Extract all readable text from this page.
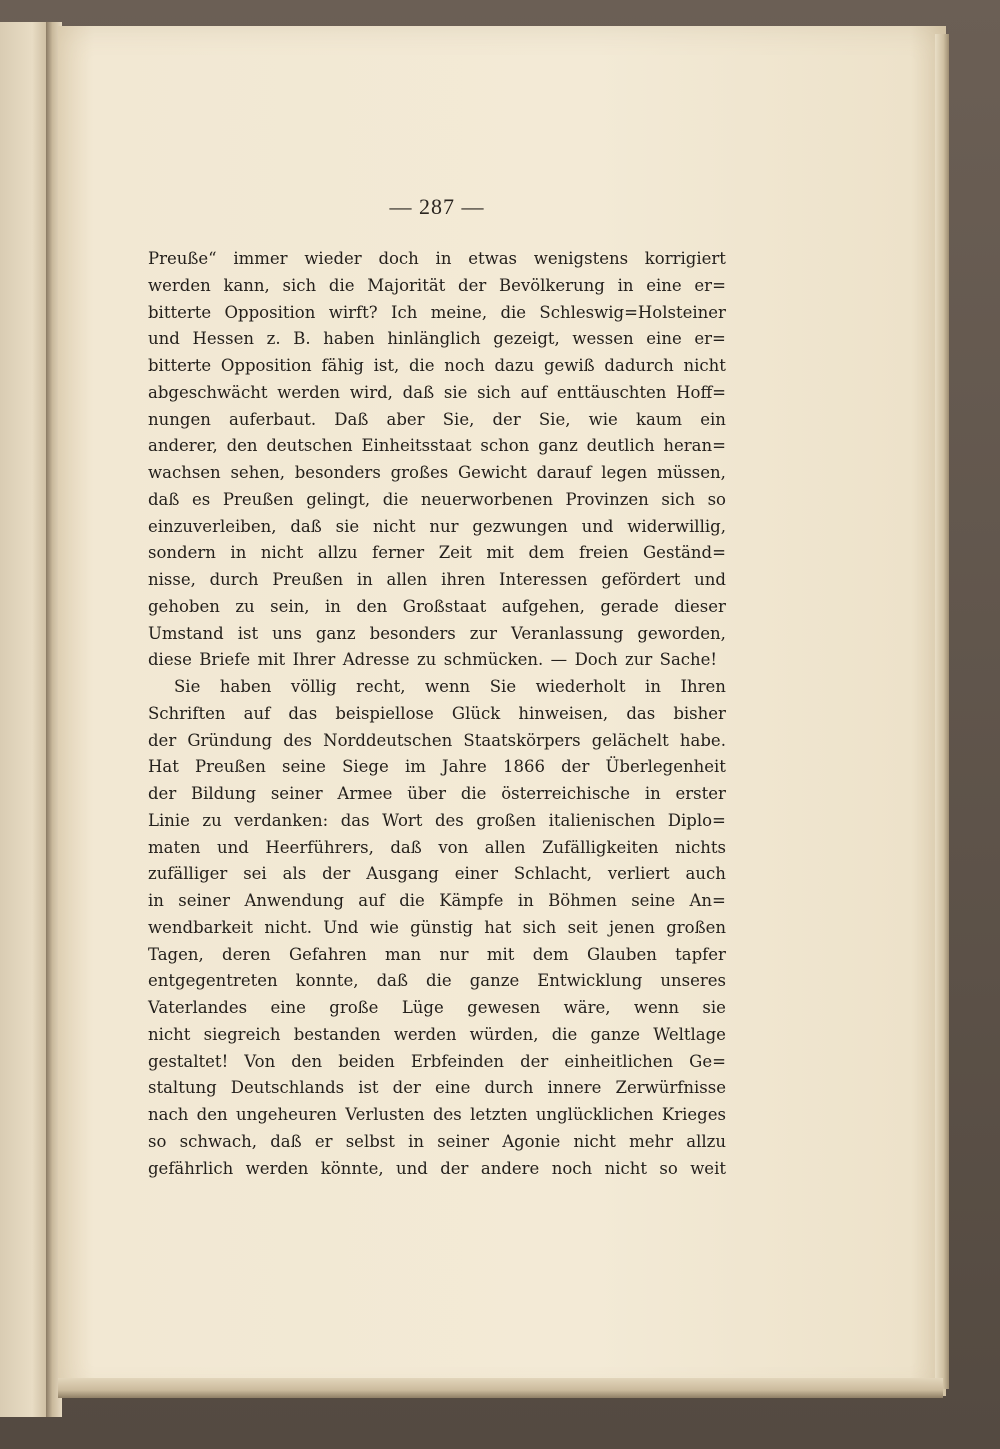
— 287 —
Preuße“ immer wieder doch in etwas wenigstens korrigiert
werden kann, sich die Majorität der Bevölkerung in eine er=
bitterte Opposition wirft? Ich meine, die Schleswig=Holsteiner
und Hessen z. B. haben hinlänglich gezeigt, wessen eine er=
bitterte Opposition fähig ist, die noch dazu gewiß dadurch nicht
abgeschwächt werden wird, daß sie sich auf enttäuschten Hoff=
nungen auferbaut. Daß aber Sie, der Sie, wie kaum ein
anderer, den deutschen Einheitsstaat schon ganz deutlich heran=
wachsen sehen, besonders großes Gewicht darauf legen müssen,
daß es Preußen gelingt, die neuerworbenen Provinzen sich so
einzuverleiben, daß sie nicht nur gezwungen und widerwillig,
sondern in nicht allzu ferner Zeit mit dem freien Geständ=
nisse, durch Preußen in allen ihren Interessen gefördert und
gehoben zu sein, in den Großstaat aufgehen, gerade dieser
Umstand ist uns ganz besonders zur Veranlassung geworden,
diese Briefe mit Ihrer Adresse zu schmücken. — Doch zur Sache!
Sie haben völlig recht, wenn Sie wiederholt in Ihren
Schriften auf das beispiellose Glück hinweisen, das bisher
der Gründung des Norddeutschen Staatskörpers gelächelt habe.
Hat Preußen seine Siege im Jahre 1866 der Überlegenheit
der Bildung seiner Armee über die österreichische in erster
Linie zu verdanken: das Wort des großen italienischen Diplo=
maten und Heerführers, daß von allen Zufälligkeiten nichts
zufälliger sei als der Ausgang einer Schlacht, verliert auch
in seiner Anwendung auf die Kämpfe in Böhmen seine An=
wendbarkeit nicht. Und wie günstig hat sich seit jenen großen
Tagen, deren Gefahren man nur mit dem Glauben tapfer
entgegentreten konnte, daß die ganze Entwicklung unseres
Vaterlandes eine große Lüge gewesen wäre, wenn sie
nicht siegreich bestanden werden würden, die ganze Weltlage
gestaltet! Von den beiden Erbfeinden der einheitlichen Ge=
staltung Deutschlands ist der eine durch innere Zerwürfnisse
nach den ungeheuren Verlusten des letzten unglücklichen Krieges
so schwach, daß er selbst in seiner Agonie nicht mehr allzu
gefährlich werden könnte, und der andere noch nicht so weit
